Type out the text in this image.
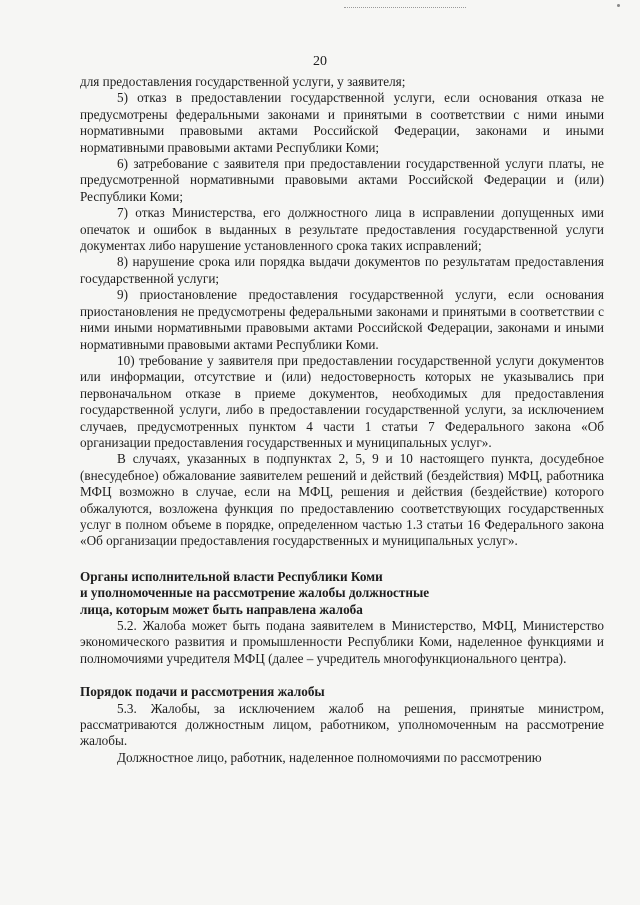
20

для предоставления государственной услуги, у заявителя;

5) отказ в предоставлении государственной услуги, если основания отказа не предусмотрены федеральными законами и принятыми в соответствии с ними иными нормативными правовыми актами Российской Федерации, законами и иными нормативными правовыми актами Республики Коми;

6) затребование с заявителя при предоставлении государственной услуги платы, не предусмотренной нормативными правовыми актами Российской Федерации и (или) Республики Коми;

7) отказ Министерства, его должностного лица в исправлении допущенных ими опечаток и ошибок в выданных в результате предоставления государственной услуги документах либо нарушение установленного срока таких исправлений;

8) нарушение срока или порядка выдачи документов по результатам предоставления государственной услуги;

9) приостановление предоставления государственной услуги, если основания приостановления не предусмотрены федеральными законами и принятыми в соответствии с ними иными нормативными правовыми актами Российской Федерации, законами и иными нормативными правовыми актами Республики Коми.

10) требование у заявителя при предоставлении государственной услуги документов или информации, отсутствие и (или) недостоверность которых не указывались при первоначальном отказе в приеме документов, необходимых для предоставления государственной услуги, либо в предоставлении государственной услуги, за исключением случаев, предусмотренных пунктом 4 части 1 статьи 7 Федерального закона «Об организации предоставления государственных и муниципальных услуг».

В случаях, указанных в подпунктах 2, 5, 9 и 10 настоящего пункта, досудебное (внесудебное) обжалование заявителем решений и действий (бездействия) МФЦ, работника МФЦ возможно в случае, если на МФЦ, решения и действия (бездействие) которого обжалуются, возложена функция по предоставлению соответствующих государственных услуг в полном объеме в порядке, определенном частью 1.3 статьи 16 Федерального закона «Об организации предоставления государственных и муниципальных услуг».

Органы исполнительной власти Республики Коми

и уполномоченные на рассмотрение жалобы должностные

лица, которым может быть направлена жалоба

5.2. Жалоба может быть подана заявителем в Министерство, МФЦ, Министерство экономического развития и промышленности Республики Коми, наделенное функциями и полномочиями учредителя МФЦ (далее – учредитель многофункционального центра).

Порядок подачи и рассмотрения жалобы

5.3. Жалобы, за исключением жалоб на решения, принятые министром, рассматриваются должностным лицом, работником, уполномоченным на рассмотрение жалобы.

Должностное лицо, работник, наделенное полномочиями по рассмотрению
